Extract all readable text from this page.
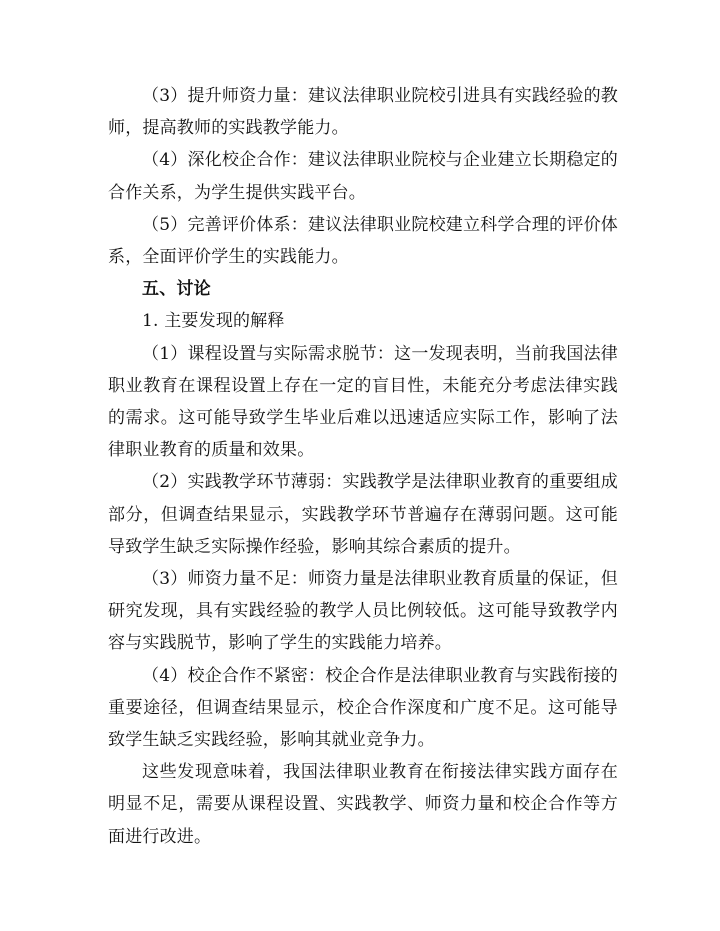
（3）提升师资力量：建议法律职业院校引进具有实践经验的教师，提高教师的实践教学能力。

（4）深化校企合作：建议法律职业院校与企业建立长期稳定的合作关系，为学生提供实践平台。

（5）完善评价体系：建议法律职业院校建立科学合理的评价体系，全面评价学生的实践能力。

五、讨论

1. 主要发现的解释

（1）课程设置与实际需求脱节：这一发现表明，当前我国法律职业教育在课程设置上存在一定的盲目性，未能充分考虑法律实践的需求。这可能导致学生毕业后难以迅速适应实际工作，影响了法律职业教育的质量和效果。

（2）实践教学环节薄弱：实践教学是法律职业教育的重要组成部分，但调查结果显示，实践教学环节普遍存在薄弱问题。这可能导致学生缺乏实际操作经验，影响其综合素质的提升。

（3）师资力量不足：师资力量是法律职业教育质量的保证，但研究发现，具有实践经验的教学人员比例较低。这可能导致教学内容与实践脱节，影响了学生的实践能力培养。

（4）校企合作不紧密：校企合作是法律职业教育与实践衔接的重要途径，但调查结果显示，校企合作深度和广度不足。这可能导致学生缺乏实践经验，影响其就业竞争力。

这些发现意味着，我国法律职业教育在衔接法律实践方面存在明显不足，需要从课程设置、实践教学、师资力量和校企合作等方面进行改进。
